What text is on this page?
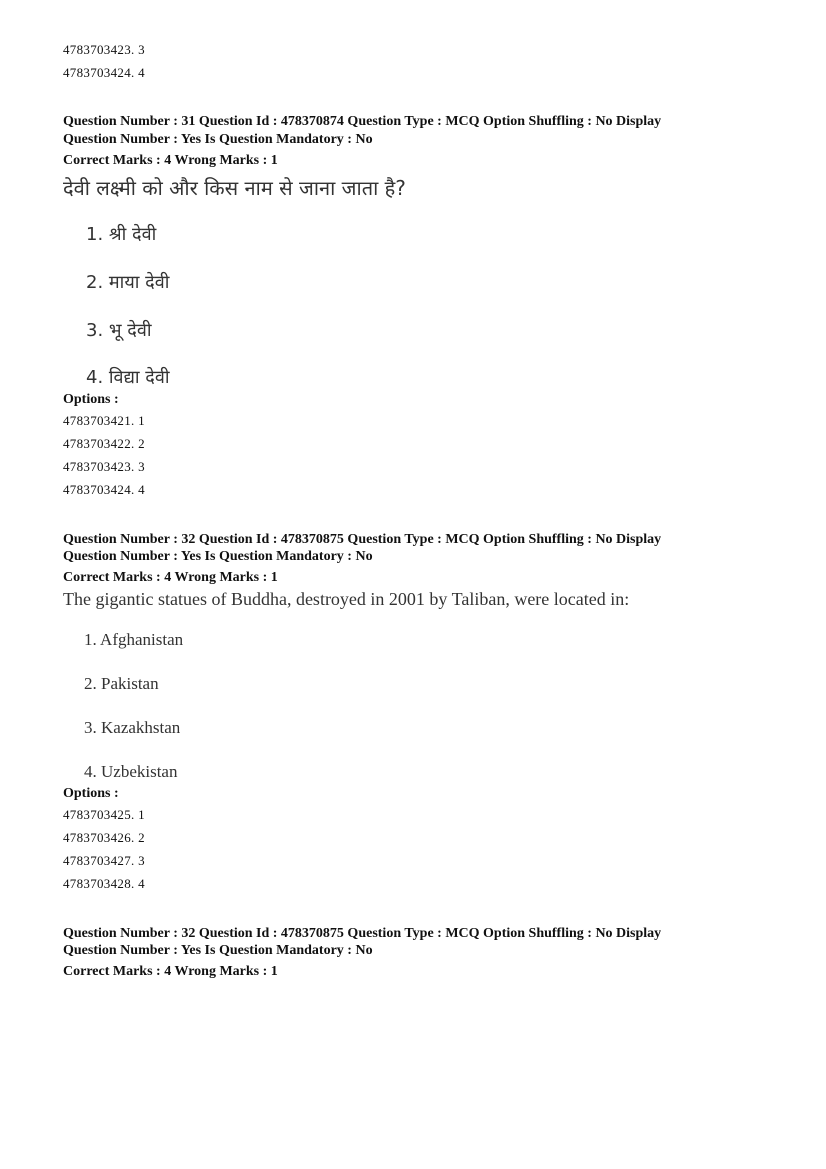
4783703423. 3
4783703424. 4
Question Number : 31 Question Id : 478370874 Question Type : MCQ Option Shuffling : No Display
Question Number : Yes Is Question Mandatory : No
Correct Marks : 4 Wrong Marks : 1
देवी लक्ष्मी को और किस नाम से जाना जाता है?
1. श्री देवी
2. माया देवी
3. भू देवी
4. विद्या देवी
Options :
4783703421. 1
4783703422. 2
4783703423. 3
4783703424. 4
Question Number : 32 Question Id : 478370875 Question Type : MCQ Option Shuffling : No Display
Question Number : Yes Is Question Mandatory : No
Correct Marks : 4 Wrong Marks : 1
The gigantic statues of Buddha, destroyed in 2001 by Taliban, were located in:
1. Afghanistan
2. Pakistan
3. Kazakhstan
4. Uzbekistan
Options :
4783703425. 1
4783703426. 2
4783703427. 3
4783703428. 4
Question Number : 32 Question Id : 478370875 Question Type : MCQ Option Shuffling : No Display
Question Number : Yes Is Question Mandatory : No
Correct Marks : 4 Wrong Marks : 1
